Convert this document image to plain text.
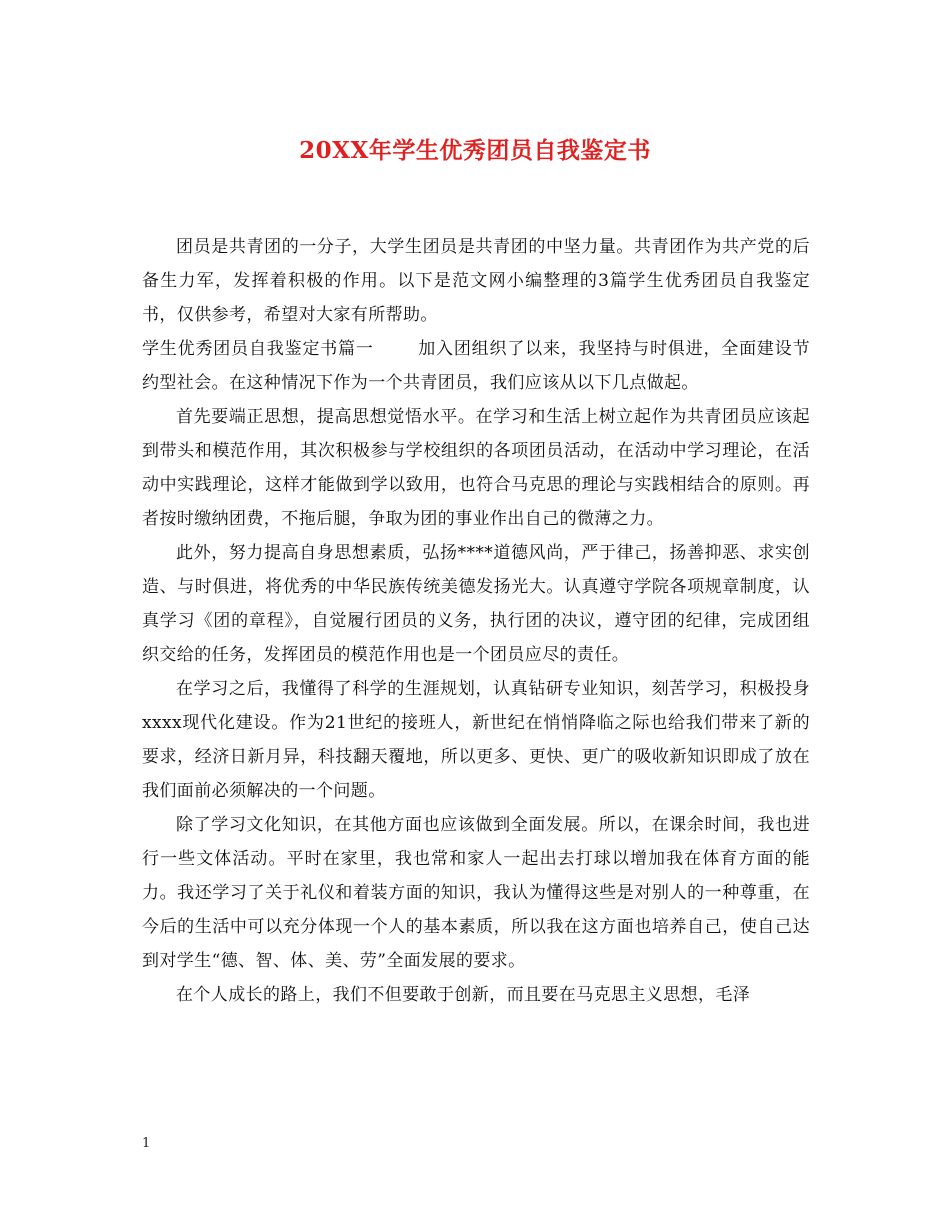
20XX年学生优秀团员自我鉴定书

团员是共青团的一分子，大学生团员是共青团的中坚力量。共青团作为共产党的后备生力军，发挥着积极的作用。以下是范文网小编整理的3篇学生优秀团员自我鉴定书，仅供参考，希望对大家有所帮助。

学生优秀团员自我鉴定书篇一	加入团组织了以来，我坚持与时俱进，全面建设节约型社会。在这种情况下作为一个共青团员，我们应该从以下几点做起。

首先要端正思想，提高思想觉悟水平。在学习和生活上树立起作为共青团员应该起到带头和模范作用，其次积极参与学校组织的各项团员活动，在活动中学习理论，在活动中实践理论，这样才能做到学以致用，也符合马克思的理论与实践相结合的原则。再者按时缴纳团费，不拖后腿，争取为团的事业作出自己的微薄之力。

此外，努力提高自身思想素质，弘扬****道德风尚，严于律己，扬善抑恶、求实创造、与时俱进，将优秀的中华民族传统美德发扬光大。认真遵守学院各项规章制度，认真学习《团的章程》，自觉履行团员的义务，执行团的决议，遵守团的纪律，完成团组织交给的任务，发挥团员的模范作用也是一个团员应尽的责任。

在学习之后，我懂得了科学的生涯规划，认真钻研专业知识，刻苦学习，积极投身xxxx现代化建设。作为21世纪的接班人，新世纪在悄悄降临之际也给我们带来了新的要求，经济日新月异，科技翻天覆地，所以更多、更快、更广的吸收新知识即成了放在我们面前必须解决的一个问题。

除了学习文化知识，在其他方面也应该做到全面发展。所以，在课余时间，我也进行一些文体活动。平时在家里，我也常和家人一起出去打球以增加我在体育方面的能力。我还学习了关于礼仪和着装方面的知识，我认为懂得这些是对别人的一种尊重，在今后的生活中可以充分体现一个人的基本素质，所以我在这方面也培养自己，使自己达到对学生“德、智、体、美、劳”全面发展的要求。

在个人成长的路上，我们不但要敢于创新，而且要在马克思主义思想，毛泽

1
